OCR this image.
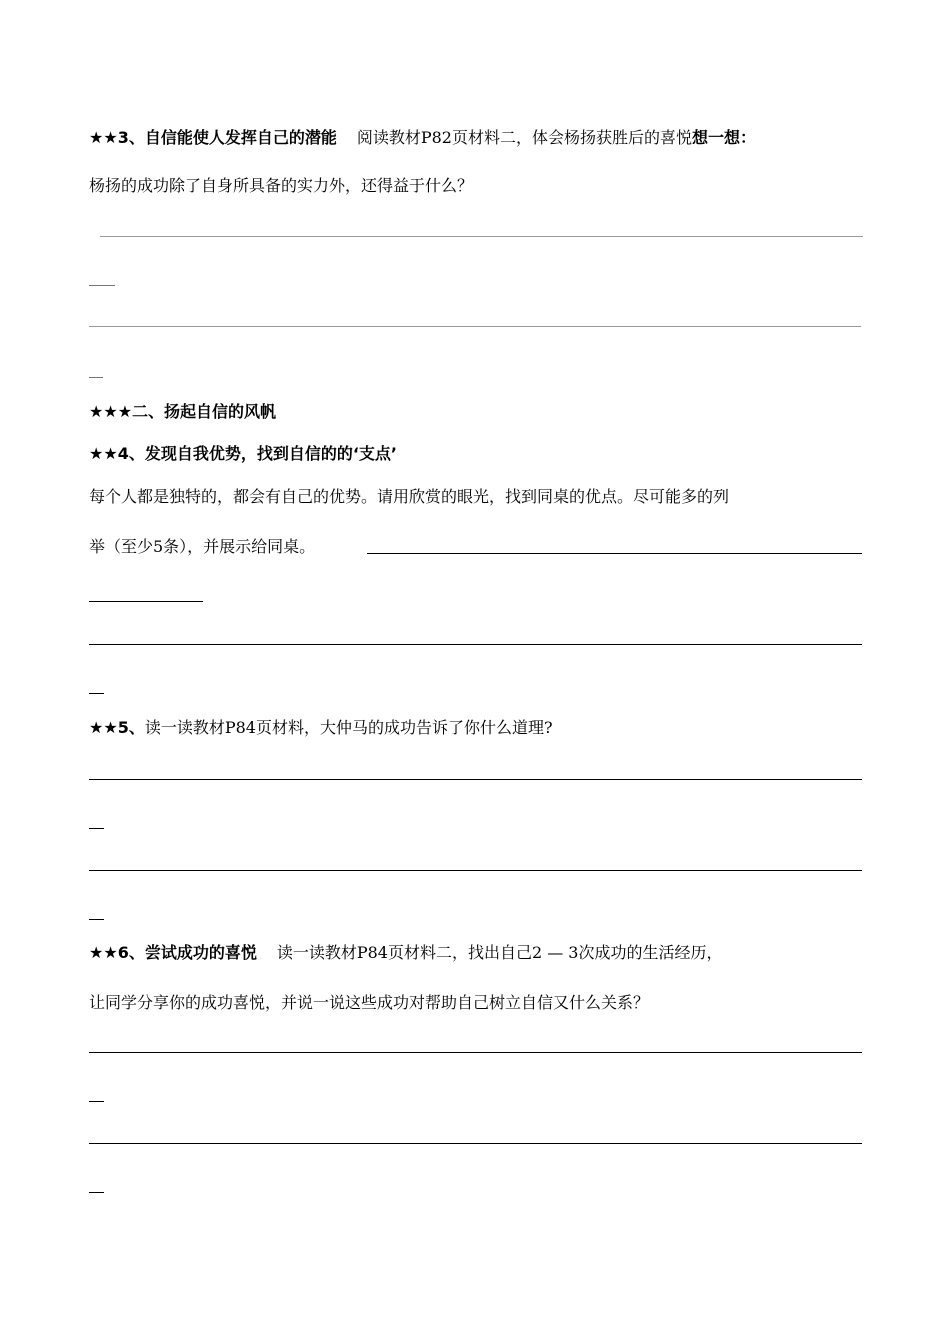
★★3、自信能使人发挥自己的潜能 阅读教材P82页材料二，体会杨扬获胜后的喜悦想一想：
杨扬的成功除了自身所具备的实力外，还得益于什么？
★★★二、扬起自信的风帆
★★4、发现自我优势，找到自信的的‘支点’
每个人都是独特的，都会有自己的优势。请用欣赏的眼光，找到同桌的优点。尽可能多的列
举（至少5条），并展示给同桌。
★★5、读一读教材P84页材料，大仲马的成功告诉了你什么道理?
★★6、尝试成功的喜悦 读一读教材P84页材料二，找出自己2 — 3次成功的生活经历，
让同学分享你的成功喜悦，并说一说这些成功对帮助自己树立自信又什么关系？
